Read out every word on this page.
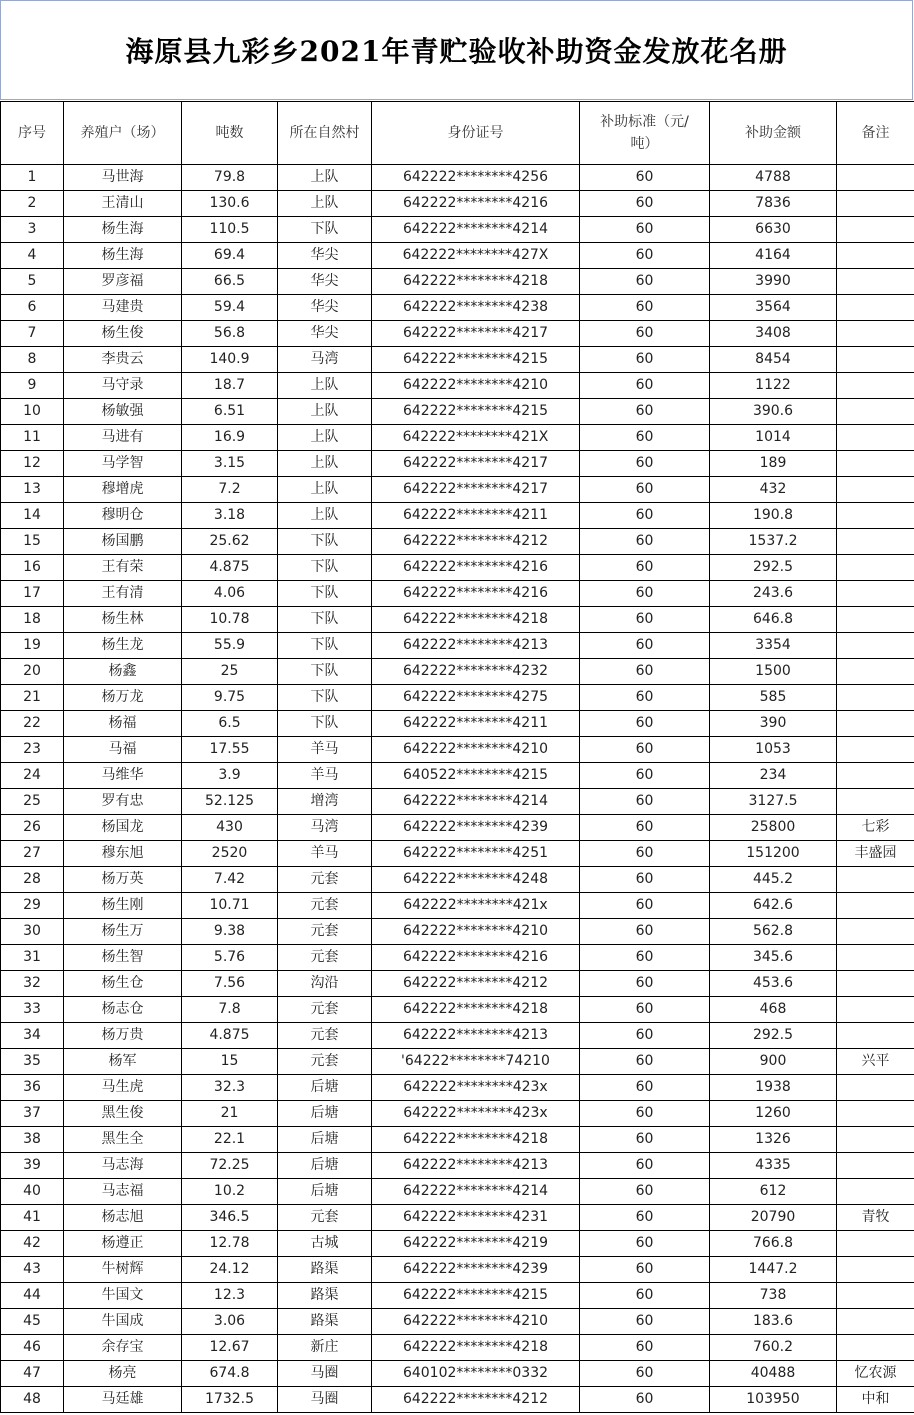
海原县九彩乡2021年青贮验收补助资金发放花名册
序号	养殖户（场）	吨数	所在自然村	身份证号	补助标准（元/吨）	补助金额	备注
1	马世海	79.8	上队	642222********4256	60	4788	
2	王清山	130.6	上队	642222********4216	60	7836	
3	杨生海	110.5	下队	642222********4214	60	6630	
4	杨生海	69.4	华尖	642222********427X	60	4164	
5	罗彦福	66.5	华尖	642222********4218	60	3990	
6	马建贵	59.4	华尖	642222********4238	60	3564	
7	杨生俊	56.8	华尖	642222********4217	60	3408	
8	李贵云	140.9	马湾	642222********4215	60	8454	
9	马守录	18.7	上队	642222********4210	60	1122	
10	杨敏强	6.51	上队	642222********4215	60	390.6	
11	马进有	16.9	上队	642222********421X	60	1014	
12	马学智	3.15	上队	642222********4217	60	189	
13	穆增虎	7.2	上队	642222********4217	60	432	
14	穆明仓	3.18	上队	642222********4211	60	190.8	
15	杨国鹏	25.62	下队	642222********4212	60	1537.2	
16	王有荣	4.875	下队	642222********4216	60	292.5	
17	王有清	4.06	下队	642222********4216	60	243.6	
18	杨生林	10.78	下队	642222********4218	60	646.8	
19	杨生龙	55.9	下队	642222********4213	60	3354	
20	杨鑫	25	下队	642222********4232	60	1500	
21	杨万龙	9.75	下队	642222********4275	60	585	
22	杨福	6.5	下队	642222********4211	60	390	
23	马福	17.55	羊马	642222********4210	60	1053	
24	马维华	3.9	羊马	640522********4215	60	234	
25	罗有忠	52.125	增湾	642222********4214	60	3127.5	
26	杨国龙	430	马湾	642222********4239	60	25800	七彩
27	穆东旭	2520	羊马	642222********4251	60	151200	丰盛园
28	杨万英	7.42	元套	642222********4248	60	445.2	
29	杨生刚	10.71	元套	642222********421x	60	642.6	
30	杨生万	9.38	元套	642222********4210	60	562.8	
31	杨生智	5.76	元套	642222********4216	60	345.6	
32	杨生仓	7.56	沟沿	642222********4212	60	453.6	
33	杨志仓	7.8	元套	642222********4218	60	468	
34	杨万贵	4.875	元套	642222********4213	60	292.5	
35	杨军	15	元套	'64222********74210	60	900	兴平
36	马生虎	32.3	后塘	642222********423x	60	1938	
37	黑生俊	21	后塘	642222********423x	60	1260	
38	黑生全	22.1	后塘	642222********4218	60	1326	
39	马志海	72.25	后塘	642222********4213	60	4335	
40	马志福	10.2	后塘	642222********4214	60	612	
41	杨志旭	346.5	元套	642222********4231	60	20790	青牧
42	杨遵正	12.78	古城	642222********4219	60	766.8	
43	牛树辉	24.12	路渠	642222********4239	60	1447.2	
44	牛国文	12.3	路渠	642222********4215	60	738	
45	牛国成	3.06	路渠	642222********4210	60	183.6	
46	余存宝	12.67	新庄	642222********4218	60	760.2	
47	杨亮	674.8	马圈	640102********0332	60	40488	忆农源
48	马廷雄	1732.5	马圈	642222********4212	60	103950	中和
